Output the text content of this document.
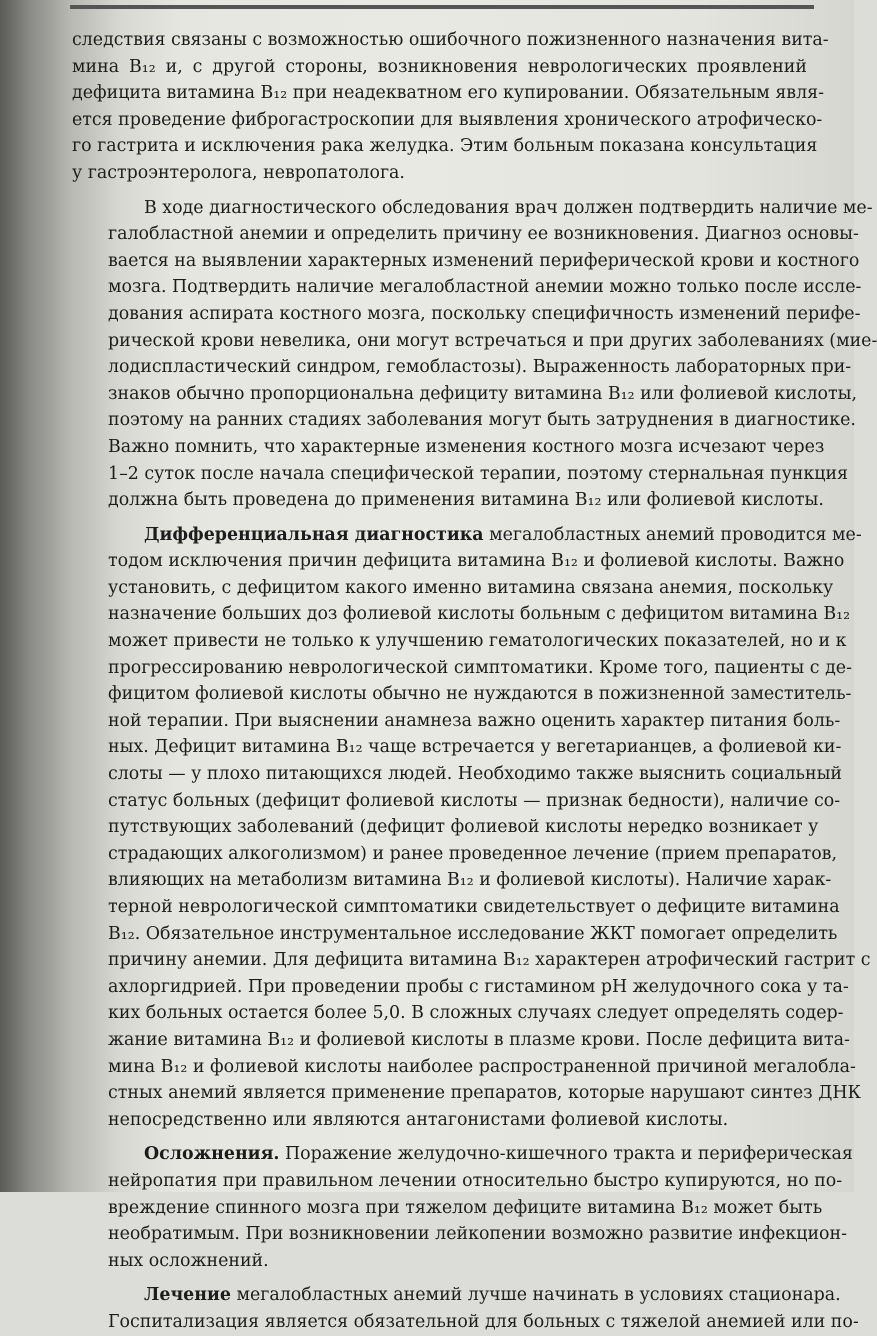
следствия связаны с возможностью ошибочного пожизненного назначения вита-
мина B₁₂ и, с другой стороны, возникновения неврологических проявлений
дефицита витамина B₁₂ при неадекватном его купировании. Обязательным явля-
ется проведение фиброгастроскопии для выявления хронического атрофическо-
го гастрита и исключения рака желудка. Этим больным показана консультация
у гастроэнтеролога, невропатолога.

В ходе диагностического обследования врач должен подтвердить наличие ме-
галобластной анемии и определить причину ее возникновения. Диагноз основы-
вается на выявлении характерных изменений периферической крови и костного
мозга. Подтвердить наличие мегалобластной анемии можно только после иссле-
дования аспирата костного мозга, поскольку специфичность изменений перифе-
рической крови невелика, они могут встречаться и при других заболеваниях (мие-
лодиспластический синдром, гемобластозы). Выраженность лабораторных при-
знаков обычно пропорциональна дефициту витамина B₁₂ или фолиевой кислоты,
поэтому на ранних стадиях заболевания могут быть затруднения в диагностике.
Важно помнить, что характерные изменения костного мозга исчезают через
1–2 суток после начала специфической терапии, поэтому стернальная пункция
должна быть проведена до применения витамина B₁₂ или фолиевой кислоты.

Дифференциальная диагностика мегалобластных анемий проводится ме-
тодом исключения причин дефицита витамина B₁₂ и фолиевой кислоты. Важно
установить, с дефицитом какого именно витамина связана анемия, поскольку
назначение больших доз фолиевой кислоты больным с дефицитом витамина B₁₂
может привести не только к улучшению гематологических показателей, но и к
прогрессированию неврологической симптоматики. Кроме того, пациенты с де-
фицитом фолиевой кислоты обычно не нуждаются в пожизненной заместитель-
ной терапии. При выяснении анамнеза важно оценить характер питания боль-
ных. Дефицит витамина B₁₂ чаще встречается у вегетарианцев, а фолиевой ки-
слоты — у плохо питающихся людей. Необходимо также выяснить социальный
статус больных (дефицит фолиевой кислоты — признак бедности), наличие со-
путствующих заболеваний (дефицит фолиевой кислоты нередко возникает у
страдающих алкоголизмом) и ранее проведенное лечение (прием препаратов,
влияющих на метаболизм витамина B₁₂ и фолиевой кислоты). Наличие харак-
терной неврологической симптоматики свидетельствует о дефиците витамина
B₁₂. Обязательное инструментальное исследование ЖКТ помогает определить
причину анемии. Для дефицита витамина B₁₂ характерен атрофический гастрит с
ахлоргидрией. При проведении пробы с гистамином pH желудочного сока у та-
ких больных остается более 5,0. В сложных случаях следует определять содер-
жание витамина B₁₂ и фолиевой кислоты в плазме крови. После дефицита вита-
мина B₁₂ и фолиевой кислоты наиболее распространенной причиной мегалобла-
стных анемий является применение препаратов, которые нарушают синтез ДНК
непосредственно или являются антагонистами фолиевой кислоты.

Осложнения. Поражение желудочно-кишечного тракта и периферическая
нейропатия при правильном лечении относительно быстро купируются, но по-
вреждение спинного мозга при тяжелом дефиците витамина B₁₂ может быть
необратимым. При возникновении лейкопении возможно развитие инфекцион-
ных осложнений.

Лечение мегалобластных анемий лучше начинать в условиях стационара.
Госпитализация является обязательной для больных с тяжелой анемией или по-
